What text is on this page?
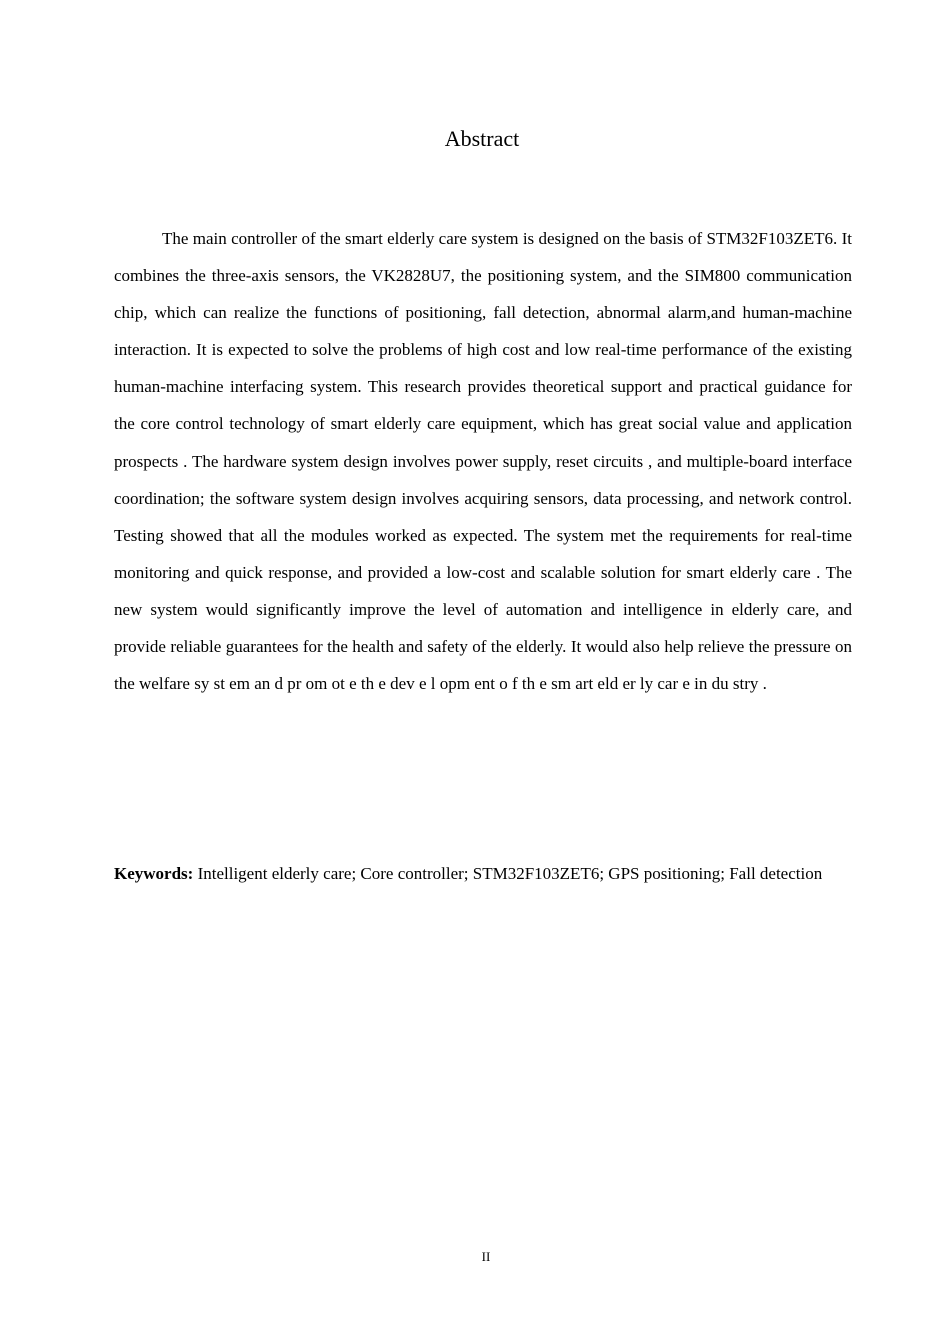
Abstract

The main controller of the smart elderly care system is designed on the basis of STM32F103ZET6. It combines the three-axis sensors, the VK2828U7, the positioning system, and the SIM800 communication chip, which can realize the functions of positioning, fall detection, abnormal alarm,and human-machine interaction. It is expected to solve the problems of high cost and low real-time performance of the existing human-machine interfacing system. This research provides theoretical support and practical guidance for the core control technology of smart elderly care equipment, which has great social value and application prospects . The hardware system design involves power supply, reset circuits , and multiple-board interface coordination; the software system design involves acquiring sensors, data processing, and network control. Testing showed that all the modules worked as expected. The system met the requirements for real-time monitoring and quick response, and provided a low-cost and scalable solution for smart elderly care . The new system would significantly improve the level of automation and intelligence in elderly care, and provide reliable guarantees for the health and safety of the elderly. It would also help relieve the pressure on the welfare sy st em an d pr om ot e th e dev e l opm ent o f th e sm art eld er ly car e in du stry .

Keywords: Intelligent elderly care; Core controller; STM32F103ZET6; GPS positioning; Fall detection

II
